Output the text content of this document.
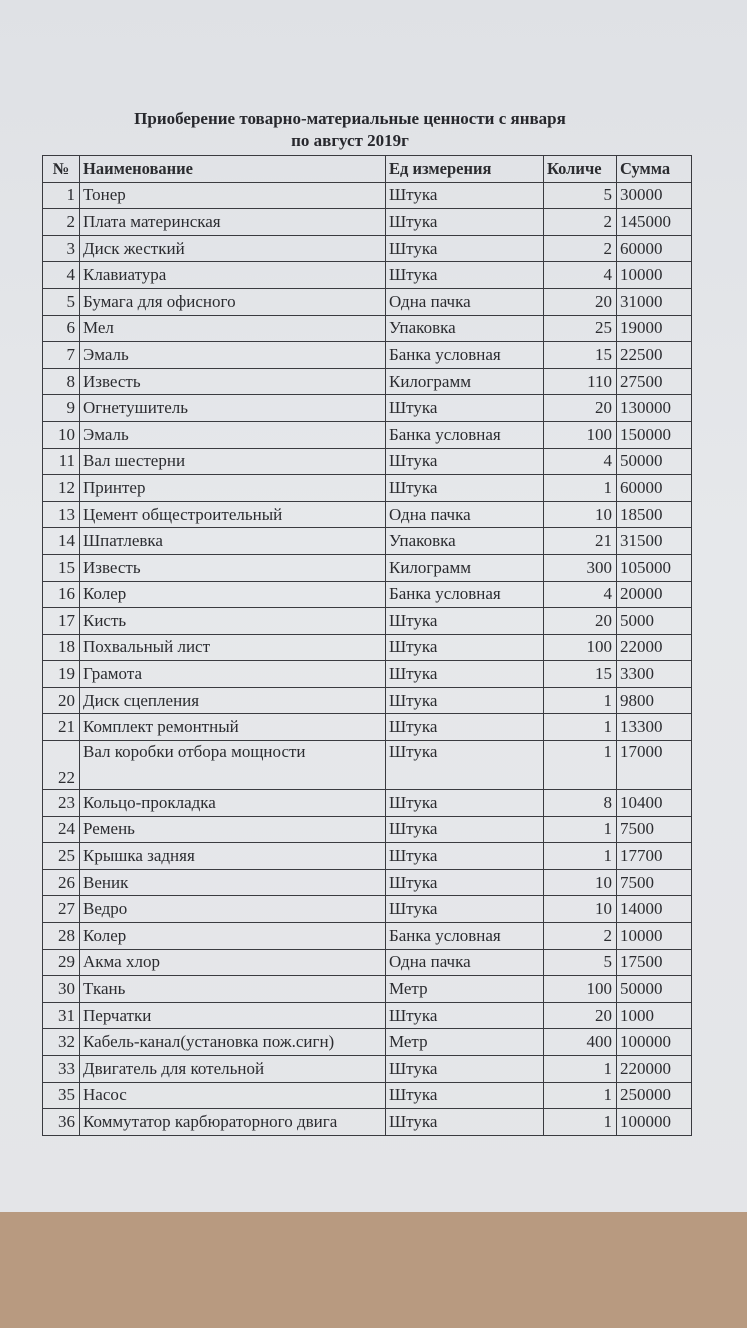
Приоберение товарно-материальные ценности с января
по август 2019г
№	Наименование	Ед измерения	Количе	Сумма
1	Тонер	Штука	5	30000
2	Плата материнская	Штука	2	145000
3	Диск жесткий	Штука	2	60000
4	Клавиатура	Штука	4	10000
5	Бумага для офисного	Одна пачка	20	31000
6	Мел	Упаковка	25	19000
7	Эмаль	Банка условная	15	22500
8	Известь	Килограмм	110	27500
9	Огнетушитель	Штука	20	130000
10	Эмаль	Банка условная	100	150000
11	Вал шестерни	Штука	4	50000
12	Принтер	Штука	1	60000
13	Цемент общестроительный	Одна пачка	10	18500
14	Шпатлевка	Упаковка	21	31500
15	Известь	Килограмм	300	105000
16	Колер	Банка условная	4	20000
17	Кисть	Штука	20	5000
18	Похвальный лист	Штука	100	22000
19	Грамота	Штука	15	3300
20	Диск сцепления	Штука	1	9800
21	Комплект ремонтный	Штука	1	13300
22	Вал коробки отбора мощности	Штука	1	17000
23	Кольцо-прокладка	Штука	8	10400
24	Ремень	Штука	1	7500
25	Крышка задняя	Штука	1	17700
26	Веник	Штука	10	7500
27	Ведро	Штука	10	14000
28	Колер	Банка условная	2	10000
29	Акма хлор	Одна пачка	5	17500
30	Ткань	Метр	100	50000
31	Перчатки	Штука	20	1000
32	Кабель-канал(установка пож.сигн)	Метр	400	100000
33	Двигатель для котельной	Штука	1	220000
35	Насос	Штука	1	250000
36	Коммутатор карбюраторного двига	Штука	1	100000
